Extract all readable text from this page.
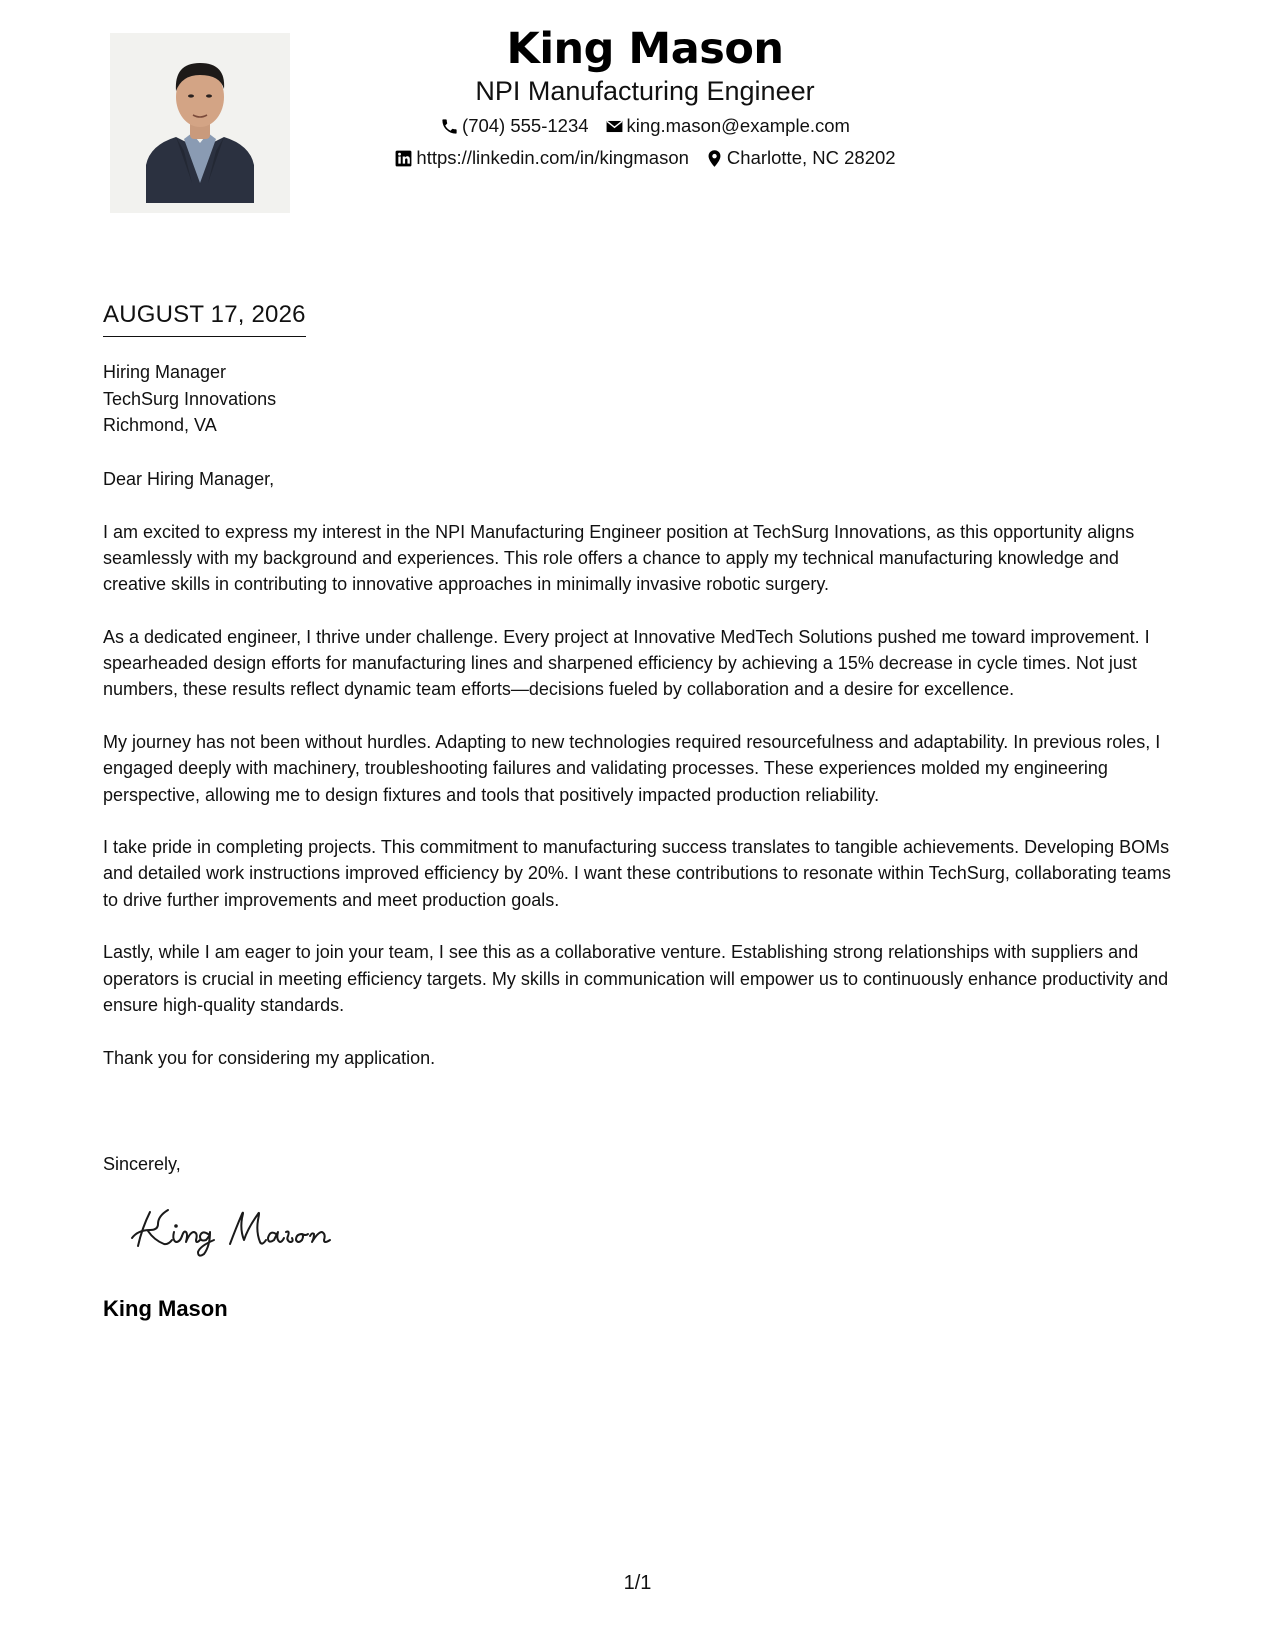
King Mason
NPI Manufacturing Engineer
(704) 555-1234 king.mason@example.com
https://linkedin.com/in/kingmason Charlotte, NC 28202
AUGUST 17, 2026
Hiring Manager
TechSurg Innovations
Richmond, VA

Dear Hiring Manager,

I am excited to express my interest in the NPI Manufacturing Engineer position at TechSurg Innovations, as this opportunity aligns seamlessly with my background and experiences. This role offers a chance to apply my technical manufacturing knowledge and creative skills in contributing to innovative approaches in minimally invasive robotic surgery.

As a dedicated engineer, I thrive under challenge. Every project at Innovative MedTech Solutions pushed me toward improvement. I spearheaded design efforts for manufacturing lines and sharpened efficiency by achieving a 15% decrease in cycle times. Not just numbers, these results reflect dynamic team efforts—decisions fueled by collaboration and a desire for excellence.

My journey has not been without hurdles. Adapting to new technologies required resourcefulness and adaptability. In previous roles, I engaged deeply with machinery, troubleshooting failures and validating processes. These experiences molded my engineering perspective, allowing me to design fixtures and tools that positively impacted production reliability.

I take pride in completing projects. This commitment to manufacturing success translates to tangible achievements. Developing BOMs and detailed work instructions improved efficiency by 20%. I want these contributions to resonate within TechSurg, collaborating teams to drive further improvements and meet production goals.

Lastly, while I am eager to join your team, I see this as a collaborative venture. Establishing strong relationships with suppliers and operators is crucial in meeting efficiency targets. My skills in communication will empower us to continuously enhance productivity and ensure high-quality standards.

Thank you for considering my application.

Sincerely,
King Mason
1/1
